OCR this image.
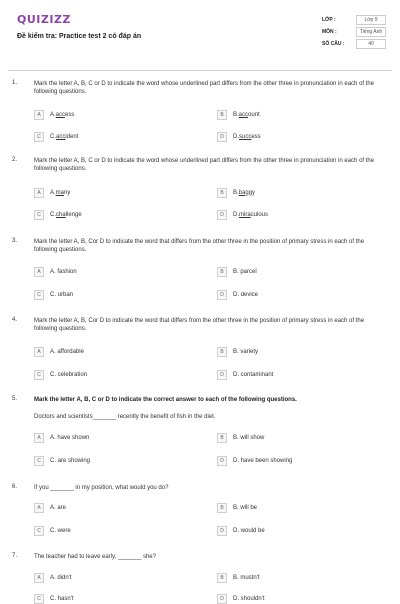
QUIZIZZ
Đề kiểm tra: Practice test 2 có đáp án
LỚP :	Lớp 9
MÔN :	Tiếng Anh
SỐ CÂU :	40
1.	Mark the letter A, B, C or D to indicate the word whose underlined part differs from the other three in pronunciation in each of the following questions.
A	A. acc ess	B	B. acc ount
C	C. acc ident	D	D. succ ess
2.	Mark the letter A, B, C or D to indicate the word whose underlined part differs from the other three in pronunciation in each of the following questions.
A	A. ma ny	B	B. ba ggy
C	C. cha llenge	D	D. mira culous
3.	Mark the letter A, B, Cor D to indicate the word that differs from the other three in the position of primary stress in each of the following questions.
A	A. fashion	B	B. parcel
C	C. urban	D	D. device
4.	Mark the letter A, B, Cor D to indicate the word that differs from the other three in the position of primary stress in each of the following questions.
A	A. affordable	B	B. variety
C	C. celebration	D	D. contaminant
5.	Mark the letter A, B, C or D to indicate the correct answer to each of the following questions.
Doctors and scientists_______ recently the benefit of fish in the diet.
A	A. have shown	B	B. will show
C	C. are showing	D	D. have been showing
6.	If you _______ in my position, what would you do?
A	A. are	B	B. will be
C	C. were	D	D. would be
7.	The teacher had to leave early, _______ she?
A	A. didn't	B	B. mustn't
C	C. hasn't	D	D. shouldn't
